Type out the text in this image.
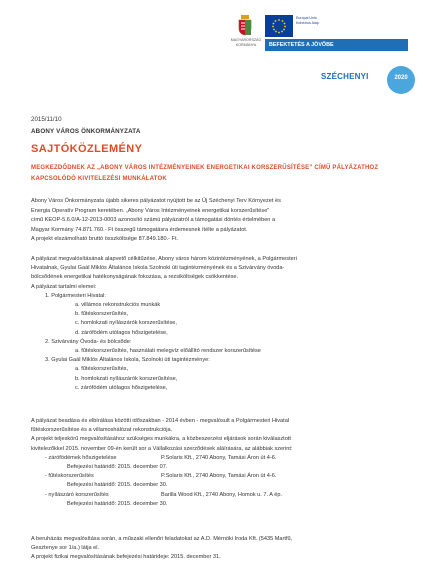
MAGYARORSZÁG KORMÁNYA
Európai Unió
Kohéziós Alap
BEFEKTETÉS A JÖVŐBE
SZÉCHENYI	2020
2015/11/10
ABONY VÁROS ÖNKORMÁNYZATA
SAJTÓKÖZLEMÉNY
MEGKEZDŐDNEK AZ „ABONY VÁROS INTÉZMÉNYEINEK ENERGETIKAI KORSZERŰSÍTÉSE” CÍMŰ PÁLYÁZATHOZ KAPCSOLÓDÓ KIVITELEZÉSI MUNKÁLATOK
Abony Város Önkormányzata újabb sikeres pályázatot nyújtott be az Új Széchenyi Terv Környezet és
Energia Operatív Program keretében. „Abony Város Intézményeinek energetikai korszerűsítése"
című KEOP-5.6.0/A-12-2013-0003 azonosító számú pályázatról a támogatási döntés értelmében a
Magyar Kormány 74.871.760.- Ft összegű támogatásra érdemesnek ítélte a pályázatot.
A projekt elszámolható bruttó összköltsége 87.849.180.- Ft.
A pályázat megvalósításának alapvető célkitűzése, Abony város három közintézményének, a Polgármesteri
Hivatalnak, Gyulai Gaál Miklós Általános Iskola Szolnoki úti tagintézményének és a Szivárvány óvoda-
bölcsődének energetikai hatékonyságának fokozása, a rezsiköltségek csökkentése.
A pályázat tartalmi elemei:
1. Polgármesteri Hivatal:
a. villámos rekonstrukciós munkák
b. fűtéskorszerűsítés,
c. homlokzati nyílászárók korszerűsítése,
d. zárófödém utólagos hőszigetelése,
2. Szivárvány Óvoda- és bölcsőde:
a. fűtéskorszerűsítés, használati melegvíz előállító rendszer korszerűsítése
3. Gyulai Gaál Miklós Általános Iskola, Szolnoki úti tagintézménye:
a. fűtéskorszerűsítés,
b. homlokzati nyílászárók korszerűsítése,
c. zárófödém utólagos hőszigetelése,
A pályázat beadása és elbírálása közötti időszakban - 2014 évben - megvalósult a Polgármesteri Hivatal
fűtéskorszerűsítése és a villamoshálózat rekonstrukciója.
A projekt teljeskörű megvalósításához szükséges munkákra, a közbeszerzési eljárások során kiválasztott
kivitelezőkkel 2015. november 09-én került sor a Vállalkozási szerződések aláírására, az alábbiak szerint:
- zárófödémek hőszigetelése	P.Solaris Kft., 2740 Abony, Tamási Áron út 4-6.
Befejezési határidő: 2015. december 07.
- fűtéskorszerűsítés	P.Solaris Kft., 2740 Abony, Tamási Áron út 4-6.
Befejezési határidő: 2015. december 30.
- nyílászáró korszerűsítés	Barilla Wood Kft., 2740 Abony, Homok u. 7. A ép.
Befejezési határidő: 2015. december 30.
A beruházás megvalósítása során, a műszaki ellenőri feladatokat az A.D. Mérnöki Iroda Kft. (5435 Martfű,
Gesztenye sor 1/a.) látja el.
A projekt fizikai megvalósításának befejezési határideje: 2015. december 31.
